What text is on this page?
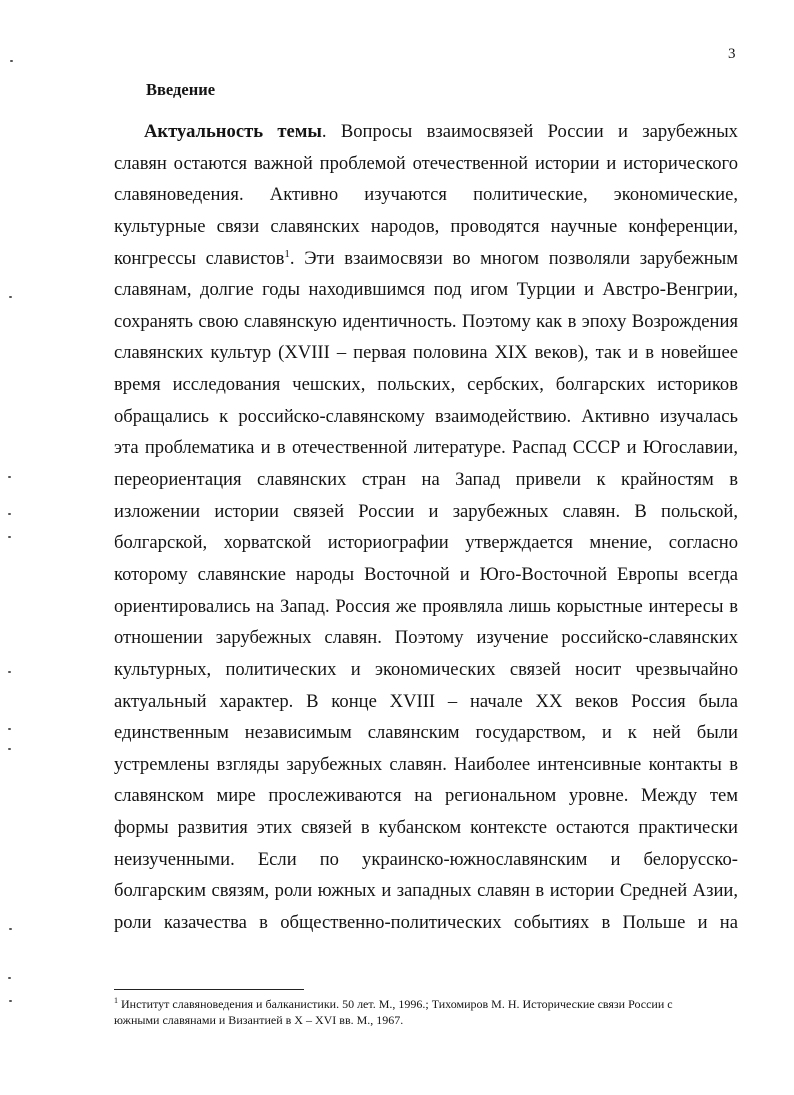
3
Введение
Актуальность темы. Вопросы взаимосвязей России и зарубежных
славян остаются важной проблемой отечественной истории и исторического
славяноведения. Активно изучаются политические, экономические,
культурные связи славянских народов, проводятся научные конференции,
конгрессы славистов$^1$. Эти взаимосвязи во многом позволяли зарубежным
славянам, долгие годы находившимся под игом Турции и Австро-Венгрии,
сохранять свою славянскую идентичность. Поэтому как в эпоху Возрождения
славянских культур (XVIII – первая половина XIX веков), так и в новейшее
время исследования чешских, польских, сербских, болгарских историков
обращались к российско-славянскому взаимодействию. Активно изучалась
эта проблематика и в отечественной литературе. Распад СССР и Югославии,
переориентация славянских стран на Запад привели к крайностям в
изложении истории связей России и зарубежных славян. В польской,
болгарской, хорватской историографии утверждается мнение, согласно
которому славянские народы Восточной и Юго-Восточной Европы всегда
ориентировались на Запад. Россия же проявляла лишь корыстные интересы в
отношении зарубежных славян. Поэтому изучение российско-славянских
культурных, политических и экономических связей носит чрезвычайно
актуальный характер. В конце XVIII – начале XX веков Россия была
единственным независимым славянским государством, и к ней были
устремлены взгляды зарубежных славян. Наиболее интенсивные контакты в
славянском мире прослеживаются на региональном уровне. Между тем
формы развития этих связей в кубанском контексте остаются практически
неизученными. Если по украинско-южнославянским и белорусско-
болгарским связям, роли южных и западных славян в истории Средней Азии,
роли казачества в общественно-политических событиях в Польше и на
$^1$ Институт славяноведения и балканистики. 50 лет. М., 1996.; Тихомиров М. Н. Исторические связи России с
южными славянами и Византией в X – XVI вв. М., 1967.
